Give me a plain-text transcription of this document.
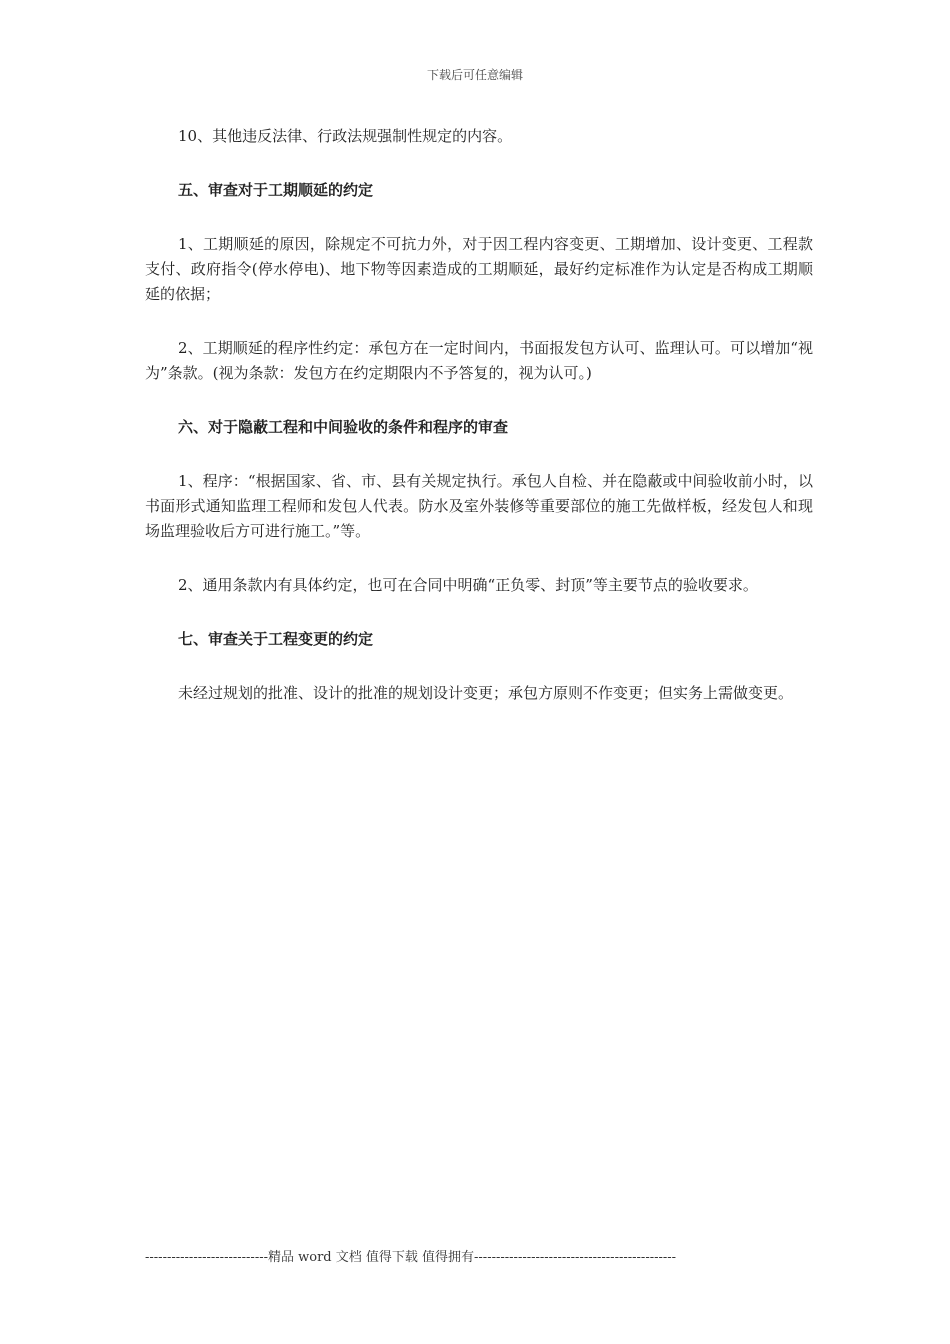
下载后可任意编辑

10、其他违反法律、行政法规强制性规定的内容。

五、审查对于工期顺延的约定

1、工期顺延的原因，除规定不可抗力外，对于因工程内容变更、工期增加、设计变更、工程款支付、政府指令(停水停电)、地下物等因素造成的工期顺延，最好约定标准作为认定是否构成工期顺延的依据；

2、工期顺延的程序性约定：承包方在一定时间内，书面报发包方认可、监理认可。可以增加“视为”条款。(视为条款：发包方在约定期限内不予答复的，视为认可。)

六、对于隐蔽工程和中间验收的条件和程序的审查

1、程序：“根据国家、省、市、县有关规定执行。承包人自检、并在隐蔽或中间验收前小时，以书面形式通知监理工程师和发包人代表。防水及室外装修等重要部位的施工先做样板，经发包人和现场监理验收后方可进行施工。”等。

2、通用条款内有具体约定，也可在合同中明确“正负零、封顶”等主要节点的验收要求。

七、审查关于工程变更的约定

未经过规划的批准、设计的批准的规划设计变更；承包方原则不作变更；但实务上需做变更。

----------------------------精品 word 文档 值得下载 值得拥有----------------------------------------------
